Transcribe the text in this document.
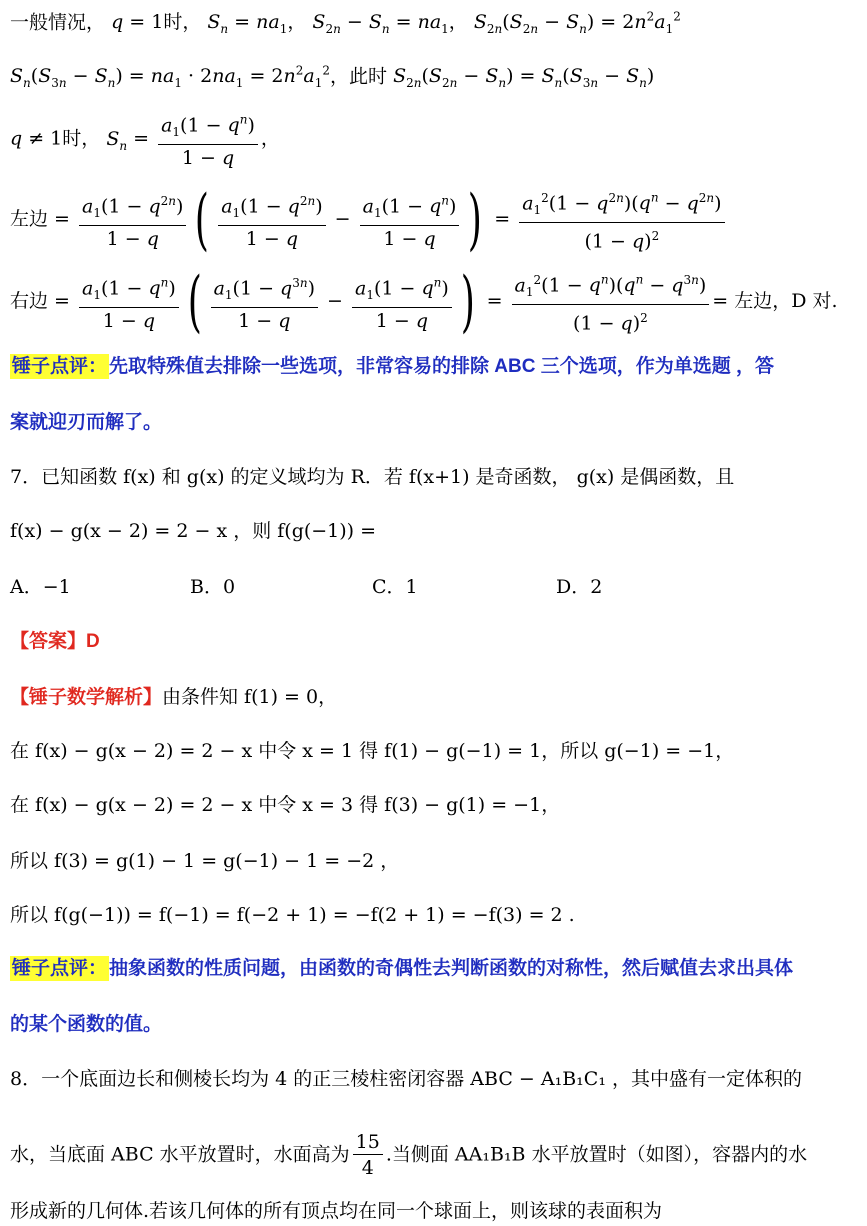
一般情况， q = 1时， $S_n = na_1$， $S_{2n} - S_n = na_1$， $S_{2n}(S_{2n} - S_n) = 2n^2a_1^2$
$S_n(S_{3n} - S_n) = na_1 \cdot 2na_1 = 2n^2a_1^2$，此时 $S_{2n}(S_{2n} - S_n) = S_n(S_{3n} - S_n)$
q ≠ 1时， $S_n = \frac{a_1(1 - q^n)}{1 - q}$ ，
左边 = $\frac{a_1(1 - q^{2n})}{1 - q}$ ( $\frac{a_1(1 - q^{2n})}{1 - q} - \frac{a_1(1 - q^n)}{1 - q}$ ) = $\frac{a_1^2(1 - q^{2n})(q^n - q^{2n})}{(1 - q)^2}$
右边 = $\frac{a_1(1 - q^n)}{1 - q}$ ( $\frac{a_1(1 - q^{3n})}{1 - q} - \frac{a_1(1 - q^n)}{1 - q}$ ) = $\frac{a_1^2(1 - q^n)(q^n - q^{3n})}{(1 - q)^2}$ = 左边，D 对.
锤子点评： 先取特殊值去排除一些选项，非常容易的排除 ABC 三个选项，作为单选题 ，答
案就迎刃而解了。
7．已知函数 f(x) 和 g(x) 的定义域均为 R．若 f(x+1) 是奇函数， g(x) 是偶函数，且
f(x) − g(x − 2) = 2 − x ，则 f(g(−1)) =
A．−1	B．0	C．1	D．2
【答案】D
【锤子数学解析】由条件知 f(1) = 0，
在 f(x) − g(x − 2) = 2 − x 中令 x = 1 得 f(1) − g(−1) = 1，所以 g(−1) = −1，
在 f(x) − g(x − 2) = 2 − x 中令 x = 3 得 f(3) − g(1) = −1，
所以 f(3) = g(1) − 1 = g(−1) − 1 = −2 ，
所以 f(g(−1)) = f(−1) = f(−2 + 1) = −f(2 + 1) = −f(3) = 2 .
锤子点评： 抽象函数的性质问题，由函数的奇偶性去判断函数的对称性，然后赋值去求出具体
的某个函数的值。
8．一个底面边长和侧棱长均为 4 的正三棱柱密闭容器 ABC − A₁B₁C₁ ，其中盛有一定体积的
水，当底面 ABC 水平放置时，水面高为 $\frac{15}{4}$ .当侧面 AA₁B₁B 水平放置时（如图），容器内的水
形成新的几何体.若该几何体的所有顶点均在同一个球面上，则该球的表面积为
